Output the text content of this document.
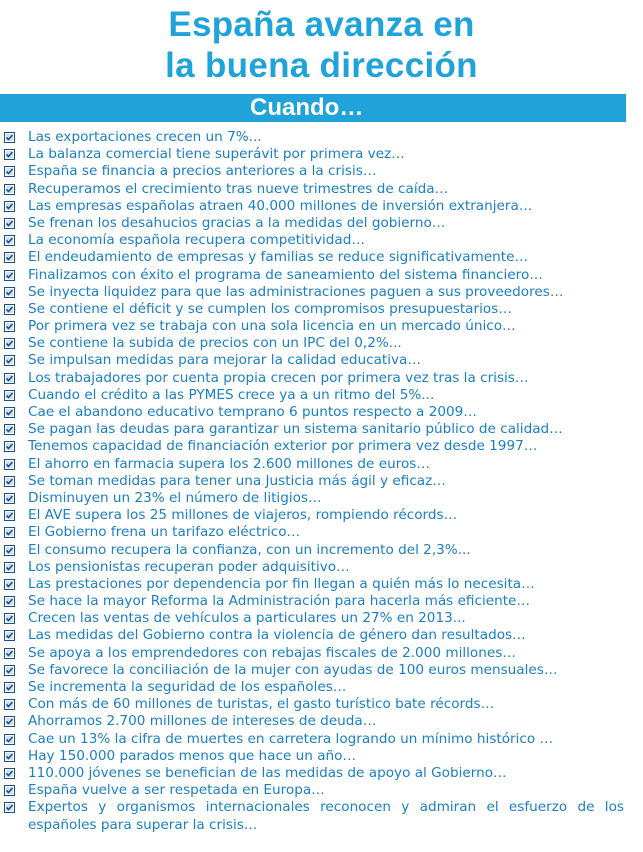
España avanza en
la buena dirección
Cuando…
Las exportaciones crecen un 7%...
La balanza comercial tiene superávit por primera vez…
España se financia a precios anteriores a la crisis…
Recuperamos el crecimiento tras nueve trimestres de caída…
Las empresas españolas atraen 40.000 millones de inversión extranjera…
Se frenan los desahucios gracias a la medidas del gobierno…
La economía española recupera competitividad…
El endeudamiento de empresas y familias se reduce significativamente…
Finalizamos con éxito el programa de saneamiento del sistema financiero…
Se inyecta liquidez para que las administraciones paguen a sus proveedores…
Se contiene el déficit y se cumplen los compromisos presupuestarios…
Por primera vez se trabaja con una sola licencia en un mercado único…
Se contiene la subida de precios con un IPC del 0,2%...
Se impulsan medidas para mejorar la calidad educativa…
Los trabajadores por cuenta propia crecen por primera vez tras la crisis…
Cuando el crédito a las PYMES crece ya a un ritmo del 5%...
Cae el abandono educativo temprano 6 puntos respecto a 2009…
Se pagan las deudas para garantizar un sistema sanitario público de calidad…
Tenemos capacidad de financiación exterior por primera vez desde 1997…
El ahorro en farmacia supera los 2.600 millones de euros…
Se toman medidas para tener una Justicia más ágil y eficaz…
Disminuyen un 23% el número de litigios…
El AVE supera los 25 millones de viajeros, rompiendo récords…
El Gobierno frena un tarifazo eléctrico…
El consumo recupera la confianza, con un incremento del 2,3%...
Los pensionistas recuperan poder adquisitivo…
Las prestaciones por dependencia por fin llegan a quién más lo necesita…
Se hace la mayor Reforma la Administración para hacerla más eficiente…
Crecen las ventas de vehículos a particulares un 27% en 2013...
Las medidas del Gobierno contra la violencia de género dan resultados…
Se apoya a los emprendedores con rebajas fiscales de 2.000 millones…
Se favorece la conciliación de la mujer con ayudas de 100 euros mensuales…
Se incrementa la seguridad de los españoles…
Con más de 60 millones de turistas, el gasto turístico bate récords…
Ahorramos 2.700 millones de intereses de deuda…
Cae un 13% la cifra de muertes en carretera logrando un mínimo histórico …
Hay 150.000 parados menos que hace un año…
110.000 jóvenes se benefician de las medidas de apoyo al Gobierno…
España vuelve a ser respetada en Europa…
Expertos y organismos internacionales reconocen y admiran el esfuerzo de los españoles para superar la crisis…
